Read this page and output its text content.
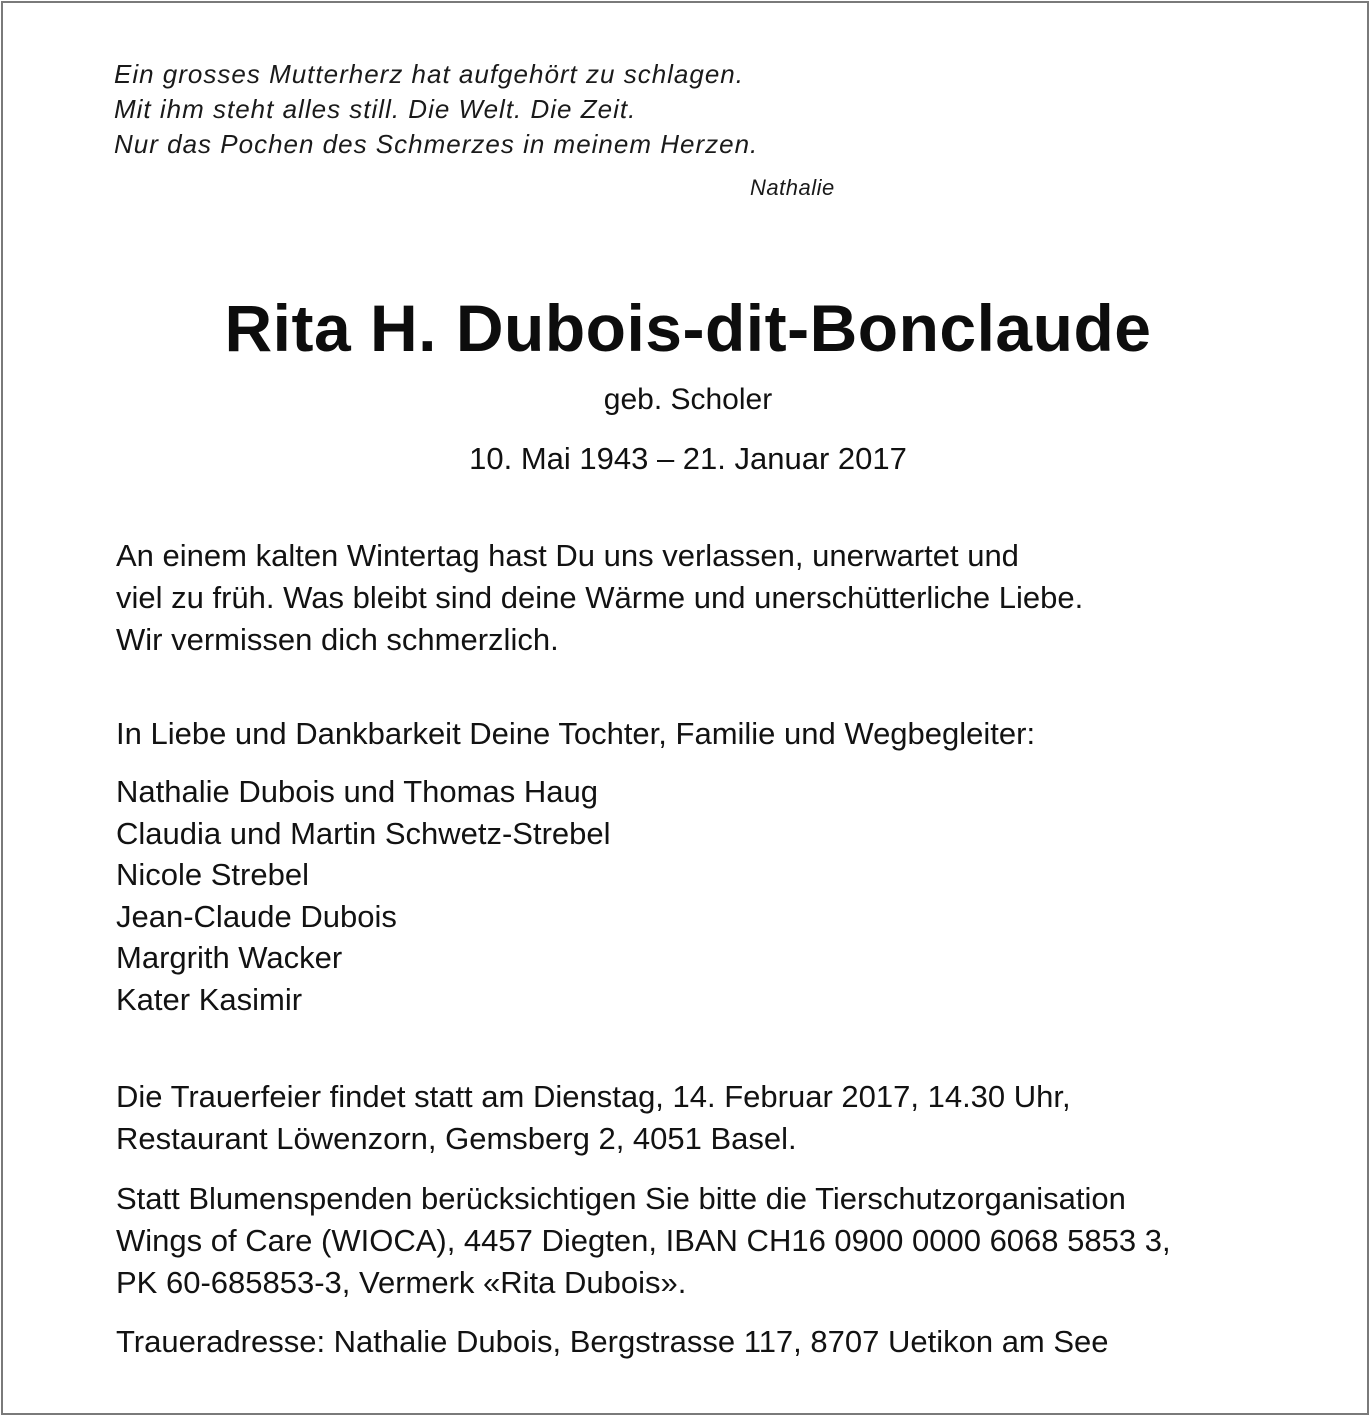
Ein grosses Mutterherz hat aufgehört zu schlagen.
Mit ihm steht alles still. Die Welt. Die Zeit.
Nur das Pochen des Schmerzes in meinem Herzen.
Nathalie
Rita H. Dubois-dit-Bonclaude
geb. Scholer
10. Mai 1943 – 21. Januar 2017
An einem kalten Wintertag hast Du uns verlassen, unerwartet und
viel zu früh. Was bleibt sind deine Wärme und unerschütterliche Liebe.
Wir vermissen dich schmerzlich.
In Liebe und Dankbarkeit Deine Tochter, Familie und Wegbegleiter:
Nathalie Dubois und Thomas Haug
Claudia und Martin Schwetz-Strebel
Nicole Strebel
Jean-Claude Dubois
Margrith Wacker
Kater Kasimir
Die Trauerfeier findet statt am Dienstag, 14. Februar 2017, 14.30 Uhr,
Restaurant Löwenzorn, Gemsberg 2, 4051 Basel.
Statt Blumenspenden berücksichtigen Sie bitte die Tierschutzorganisation
Wings of Care (WIOCA), 4457 Diegten, IBAN CH16 0900 0000 6068 5853 3,
PK 60-685853-3, Vermerk «Rita Dubois».
Traueradresse: Nathalie Dubois, Bergstrasse 117, 8707 Uetikon am See
